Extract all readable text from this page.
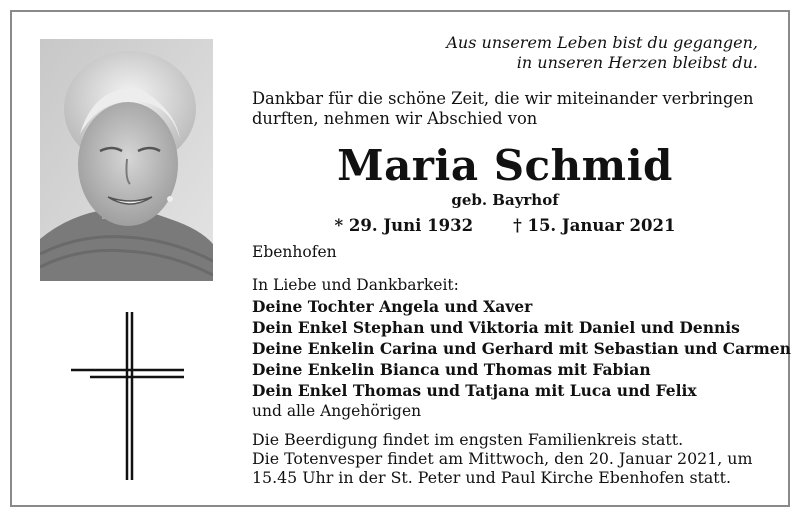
Aus unserem Leben bist du gegangen,
in unseren Herzen bleibst du.
Dankbar für die schöne Zeit, die wir miteinander verbringen
durften, nehmen wir Abschied von
Maria Schmid
geb. Bayrhof
* 29. Juni 1932 † 15. Januar 2021
Ebenhofen
In Liebe und Dankbarkeit:
Deine Tochter Angela und Xaver
Dein Enkel Stephan und Viktoria mit Daniel und Dennis
Deine Enkelin Carina und Gerhard mit Sebastian und Carmen
Deine Enkelin Bianca und Thomas mit Fabian
Dein Enkel Thomas und Tatjana mit Luca und Felix
und alle Angehörigen
Die Beerdigung findet im engsten Familienkreis statt.
Die Totenvesper findet am Mittwoch, den 20. Januar 2021, um
15.45 Uhr in der St. Peter und Paul Kirche Ebenhofen statt.
